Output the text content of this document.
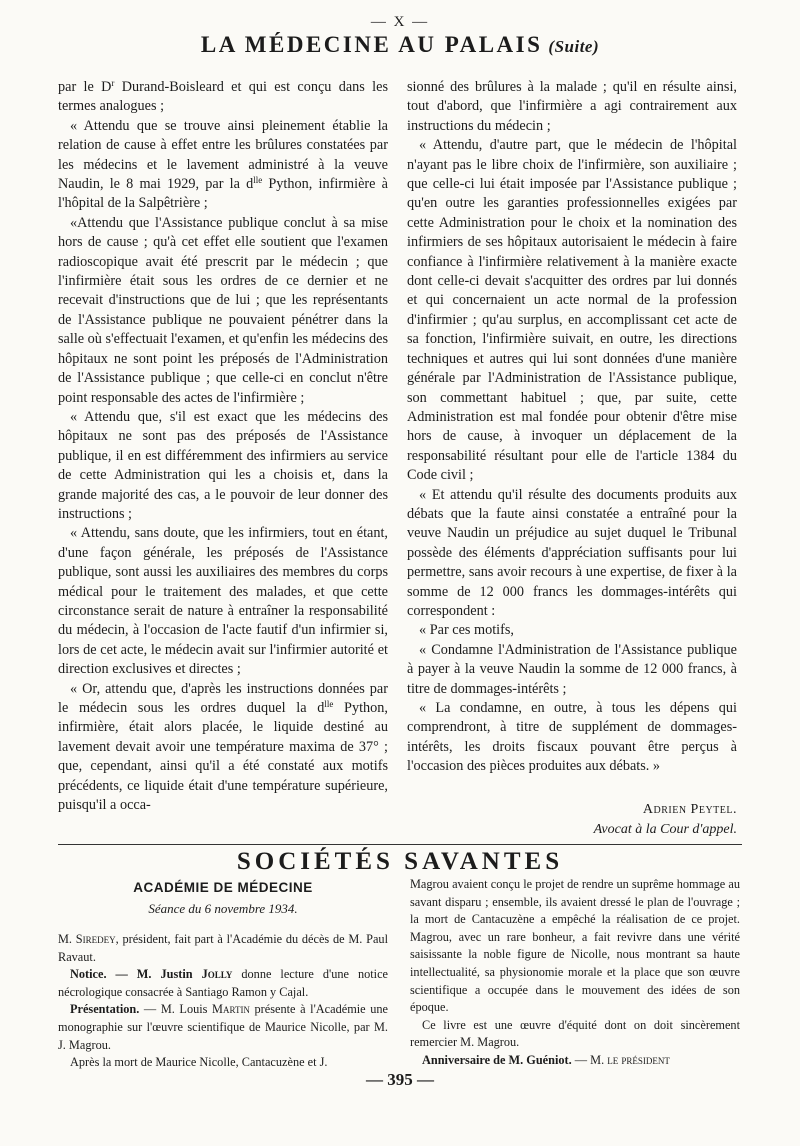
— X —
LA MÉDECINE AU PALAIS (Suite)

par le $D^r$ Durand-Boisleard et qui est conçu dans les termes analogues ;

« Attendu que se trouve ainsi pleinement établie la relation de cause à effet entre les brûlures constatées par les médecins et le lavement administré à la veuve Naudin, le 8 mai 1929, par la $d^{lle}$ Python, infirmière à l'hôpital de la Salpêtrière ;

«Attendu que l'Assistance publique conclut à sa mise hors de cause ; qu'à cet effet elle soutient que l'examen radioscopique avait été prescrit par le médecin ; que l'infirmière était sous les ordres de ce dernier et ne recevait d'instructions que de lui ; que les représentants de l'Assistance publique ne pouvaient pénétrer dans la salle où s'effectuait l'examen, et qu'enfin les médecins des hôpitaux ne sont point les préposés de l'Administration de l'Assistance publique ; que celle-ci en conclut n'être point responsable des actes de l'infirmière ;

« Attendu que, s'il est exact que les médecins des hôpitaux ne sont pas des préposés de l'Assistance publique, il en est différemment des infirmiers au service de cette Administration qui les a choisis et, dans la grande majorité des cas, a le pouvoir de leur donner des instructions ;

« Attendu, sans doute, que les infirmiers, tout en étant, d'une façon générale, les préposés de l'Assistance publique, sont aussi les auxiliaires des membres du corps médical pour le traitement des malades, et que cette circonstance serait de nature à entraîner la responsabilité du médecin, à l'occasion de l'acte fautif d'un infirmier si, lors de cet acte, le médecin avait sur l'infirmier autorité et direction exclusives et directes ;

« Or, attendu que, d'après les instructions données par le médecin sous les ordres duquel la $d^{lle}$ Python, infirmière, était alors placée, le liquide destiné au lavement devait avoir une température maxima de 37° ; que, cependant, ainsi qu'il a été constaté aux motifs précédents, ce liquide était d'une température supérieure, puisqu'il a occa-

sionné des brûlures à la malade ; qu'il en résulte ainsi, tout d'abord, que l'infirmière a agi contrairement aux instructions du médecin ;

« Attendu, d'autre part, que le médecin de l'hôpital n'ayant pas le libre choix de l'infirmière, son auxiliaire ; que celle-ci lui était imposée par l'Assistance publique ; qu'en outre les garanties professionnelles exigées par cette Administration pour le choix et la nomination des infirmiers de ses hôpitaux autorisaient le médecin à faire confiance à l'infirmière relativement à la manière exacte dont celle-ci devait s'acquitter des ordres par lui donnés et qui concernaient un acte normal de la profession d'infirmier ; qu'au surplus, en accomplissant cet acte de sa fonction, l'infirmière suivait, en outre, les directions techniques et autres qui lui sont données d'une manière générale par l'Administration de l'Assistance publique, son commettant habituel ; que, par suite, cette Administration est mal fondée pour obtenir d'être mise hors de cause, à invoquer un déplacement de la responsabilité résultant pour elle de l'article 1384 du Code civil ;

« Et attendu qu'il résulte des documents produits aux débats que la faute ainsi constatée a entraîné pour la veuve Naudin un préjudice au sujet duquel le Tribunal possède des éléments d'appréciation suffisants pour lui permettre, sans avoir recours à une expertise, de fixer à la somme de 12 000 francs les dommages-intérêts qui correspondent :

« Par ces motifs,

« Condamne l'Administration de l'Assistance publique à payer à la veuve Naudin la somme de 12 000 francs, à titre de dommages-intérêts ;

« La condamne, en outre, à tous les dépens qui comprendront, à titre de supplément de dommages-intérêts, les droits fiscaux pouvant être perçus à l'occasion des pièces produites aux débats. »

Adrien Peytel.
Avocat à la Cour d'appel.
SOCIÉTÉS SAVANTES
ACADÉMIE DE MÉDECINE
Séance du 6 novembre 1934.

M. Siredey, président, fait part à l'Académie du décès de M. Paul Ravaut.

Notice. — M. Justin Jolly donne lecture d'une notice nécrologique consacrée à Santiago Ramon y Cajal.

Présentation. — M. Louis Martin présente à l'Académie une monographie sur l'œuvre scientifique de Maurice Nicolle, par M. J. Magrou.

Après la mort de Maurice Nicolle, Cantacuzène et J.

Magrou avaient conçu le projet de rendre un suprême hommage au savant disparu ; ensemble, ils avaient dressé le plan de l'ouvrage ; la mort de Cantacuzène a empêché la réalisation de ce projet. Magrou, avec un rare bonheur, a fait revivre dans une vérité saisissante la noble figure de Nicolle, nous montrant sa haute intellectualité, sa physionomie morale et la place que son œuvre scientifique a occupée dans le mouvement des idées de son époque.

Ce livre est une œuvre d'équité dont on doit sincèrement remercier M. Magrou.

Anniversaire de M. Guéniot. — M. le président

— 395 —
